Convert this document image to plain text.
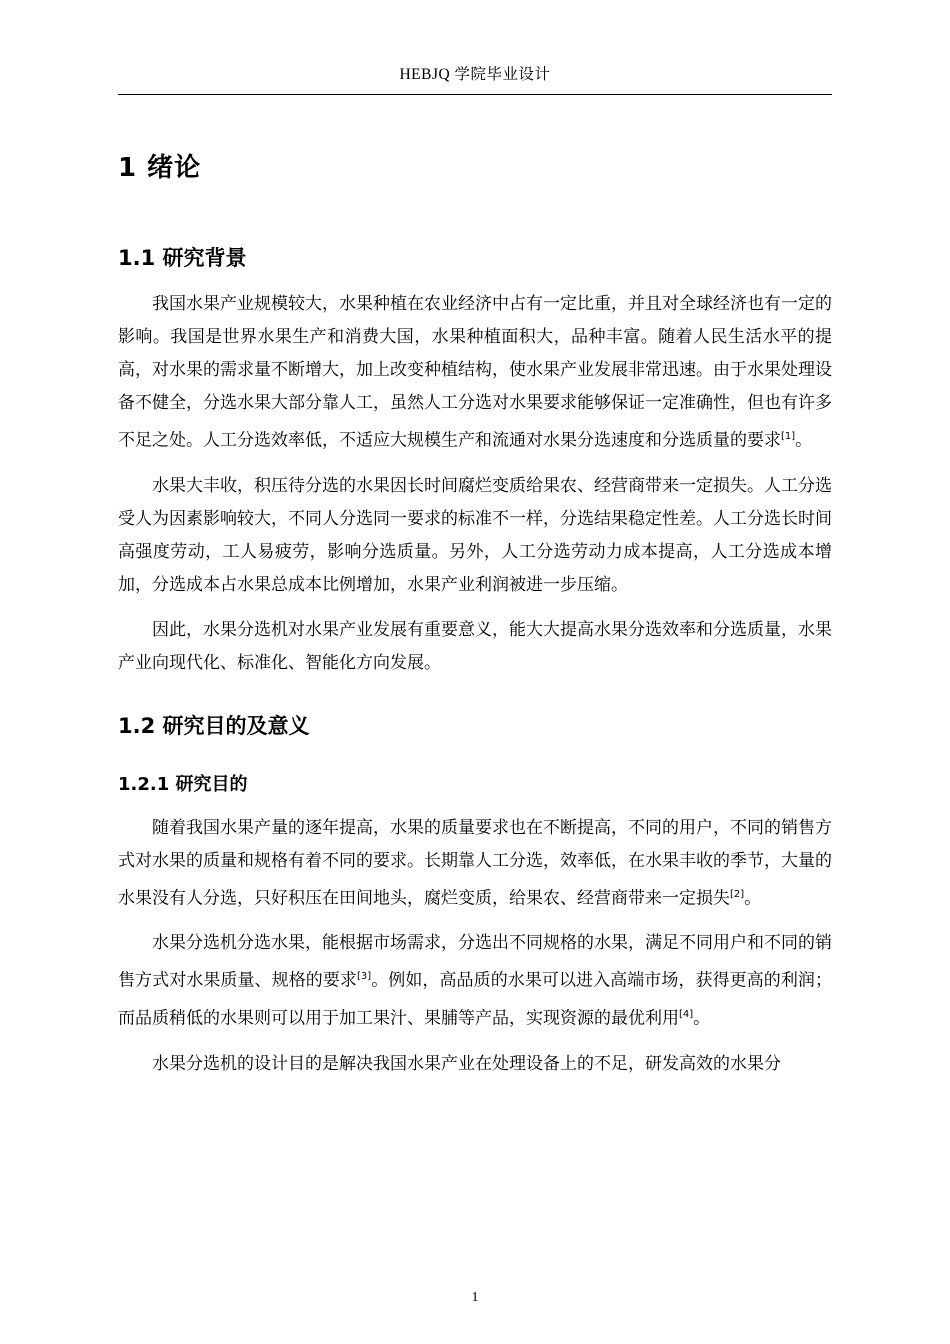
HEBJQ 学院毕业设计
1 绪论
1.1 研究背景

我国水果产业规模较大，水果种植在农业经济中占有一定比重，并且对全球经济也有一定的影响。我国是世界水果生产和消费大国，水果种植面积大，品种丰富。随着人民生活水平的提高，对水果的需求量不断增大，加上改变种植结构，使水果产业发展非常迅速。由于水果处理设备不健全，分选水果大部分靠人工，虽然人工分选对水果要求能够保证一定准确性，但也有许多不足之处。人工分选效率低，不适应大规模生产和流通对水果分选速度和分选质量的要求[1]。

水果大丰收，积压待分选的水果因长时间腐烂变质给果农、经营商带来一定损失。人工分选受人为因素影响较大，不同人分选同一要求的标准不一样，分选结果稳定性差。人工分选长时间高强度劳动，工人易疲劳，影响分选质量。另外，人工分选劳动力成本提高，人工分选成本增加，分选成本占水果总成本比例增加，水果产业利润被进一步压缩。

因此，水果分选机对水果产业发展有重要意义，能大大提高水果分选效率和分选质量，水果产业向现代化、标准化、智能化方向发展。

1.2 研究目的及意义
1.2.1 研究目的

随着我国水果产量的逐年提高，水果的质量要求也在不断提高，不同的用户，不同的销售方式对水果的质量和规格有着不同的要求。长期靠人工分选，效率低，在水果丰收的季节，大量的水果没有人分选，只好积压在田间地头，腐烂变质，给果农、经营商带来一定损失[2]。

水果分选机分选水果，能根据市场需求，分选出不同规格的水果，满足不同用户和不同的销售方式对水果质量、规格的要求[3]。例如，高品质的水果可以进入高端市场，获得更高的利润；而品质稍低的水果则可以用于加工果汁、果脯等产品，实现资源的最优利用[4]。

水果分选机的设计目的是解决我国水果产业在处理设备上的不足，研发高效的水果分

1
